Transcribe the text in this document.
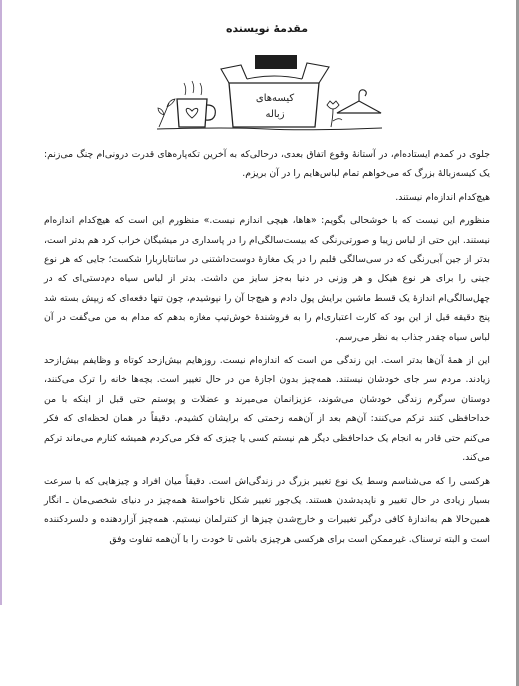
مقدمهٔ نویسنده
کیسه‌های
زباله

جلوی در کمدم ایستاده‌ام، در آستانهٔ وقوع اتفاق بعدی، درحالی‌که به آخرین تکه‌پاره‌های قدرت درونی‌ام چنگ می‌زنم: یک کیسه‌زبالهٔ بزرگ که می‌خواهم تمام لباس‌هایم را در آن بریزم.

هیچ‌کدام اندازه‌ام نیستند.

منظورم این نیست که با خوشحالی بگویم: «هاها، هیچی اندازم نیست.» منظورم این است که هیچ‌کدام اندازه‌ام نیستند. این حتی از لباس زیبا و صورتی‌رنگی که بیست‌سالگی‌ام را در پاسداری در میشیگان خراب کرد هم بدتر است، بدتر از جین آبی‌رنگی که در سی‌سالگی قلبم را در یک مغازهٔ دوست‌داشتنی در سانتاباربارا شکست؛ جایی که هر نوع جینی را برای هر نوع هیکل و هر وزنی در دنیا به‌جز سایز من داشت. بدتر از لباس سیاه دم‌دستی‌ای که در چهل‌سالگی‌ام اندازهٔ یک قسط ماشین برایش پول دادم و هیچ‌جا آن را نپوشیدم، چون تنها دفعه‌ای که زیپش بسته شد پنج دقیقه قبل از این بود که کارت اعتباری‌ام را به فروشندهٔ خوش‌تیپ مغازه بدهم که مدام به من می‌گفت در آن لباس سیاه چقدر جذاب به نظر می‌رسم.

این از همهٔ آن‌ها بدتر است. این زندگی من است که اندازه‌ام نیست. روزهایم بیش‌ازحد کوتاه و وظایفم بیش‌ازحد زیادند. مردم سر جای خودشان نیستند. همه‌چیز بدون اجازهٔ من در حال تغییر است. بچه‌ها خانه را ترک می‌کنند، دوستان سرگرم زندگی خودشان می‌شوند، عزیزانمان می‌میرند و عضلات و پوستم حتی قبل از اینکه با من خداحافظی کنند ترکم می‌کنند: آن‌هم بعد از آن‌همه زحمتی که برایشان کشیدم. دقیقاً در همان لحظه‌ای که فکر می‌کنم حتی قادر به انجام یک خداحافظی دیگر هم نیستم کسی یا چیزی که فکر می‌کردم همیشه کنارم می‌ماند ترکم می‌کند.

هرکسی را که می‌شناسم وسط یک نوع تغییر بزرگ در زندگی‌اش است. دقیقاً میان افراد و چیزهایی که با سرعت بسیار زیادی در حال تغییر و ناپدیدشدن هستند. یک‌جور تغییر شکل ناخواستهٔ همه‌چیز در دنیای شخصی‌مان ـ انگار همین‌حالا هم به‌اندازهٔ کافی درگیر تغییرات و خارج‌شدن چیزها از کنترلمان نیستیم. همه‌چیز آزاردهنده و دلسردکننده است و البته ترسناک. غیرممکن است برای هرکسی هرچیزی باشی تا خودت را با آن‌همه تفاوت وفق
